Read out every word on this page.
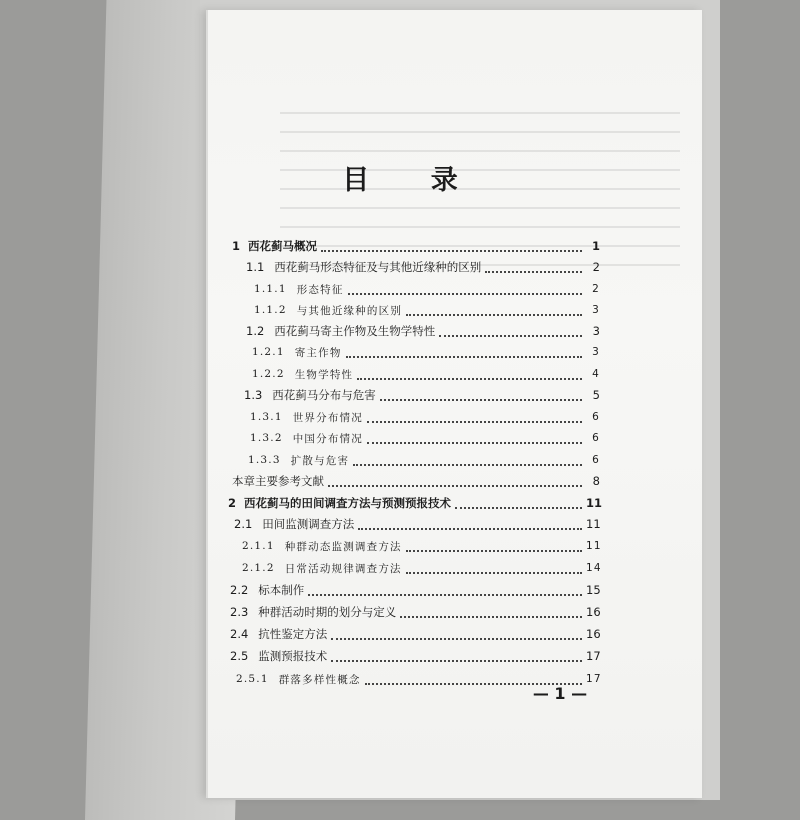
目 录
1 西花蓟马概况	1
1.1 西花蓟马形态特征及与其他近缘种的区别	2
1.1.1 形态特征	2
1.1.2 与其他近缘种的区别	3
1.2 西花蓟马寄主作物及生物学特性	3
1.2.1 寄主作物	3
1.2.2 生物学特性	4
1.3 西花蓟马分布与危害	5
1.3.1 世界分布情况	6
1.3.2 中国分布情况	6
1.3.3 扩散与危害	6
本章主要参考文献	8
2 西花蓟马的田间调查方法与预测预报技术	11
2.1 田间监测调查方法	11
2.1.1 种群动态监测调查方法	11
2.1.2 日常活动规律调查方法	14
2.2 标本制作	15
2.3 种群活动时期的划分与定义	16
2.4 抗性鉴定方法	16
2.5 监测预报技术	17
2.5.1 群落多样性概念	17
— 1 —
